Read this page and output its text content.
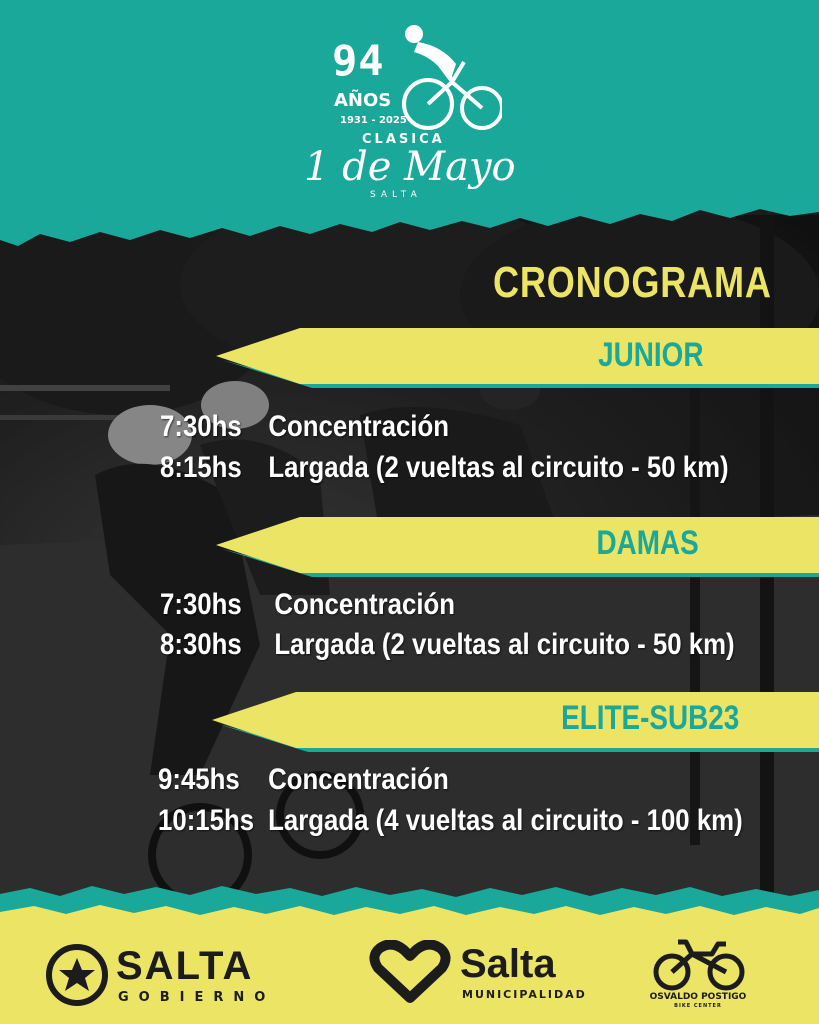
94
AÑOS
1931 - 2025
CLASICA
1 de Mayo
SALTA
CRONOGRAMA
JUNIOR
7:30hs Concentración
8:15hs Largada (2 vueltas al circuito - 50 km)
DAMAS
7:30hs Concentración
8:30hs Largada (2 vueltas al circuito - 50 km)
ELITE-SUB23
9:45hs Concentración
10:15hs Largada (4 vueltas al circuito - 100 km)
SALTA
GOBIERNO
Salta
MUNICIPALIDAD	OSVALDO POSTIGO
BIKE CENTER
